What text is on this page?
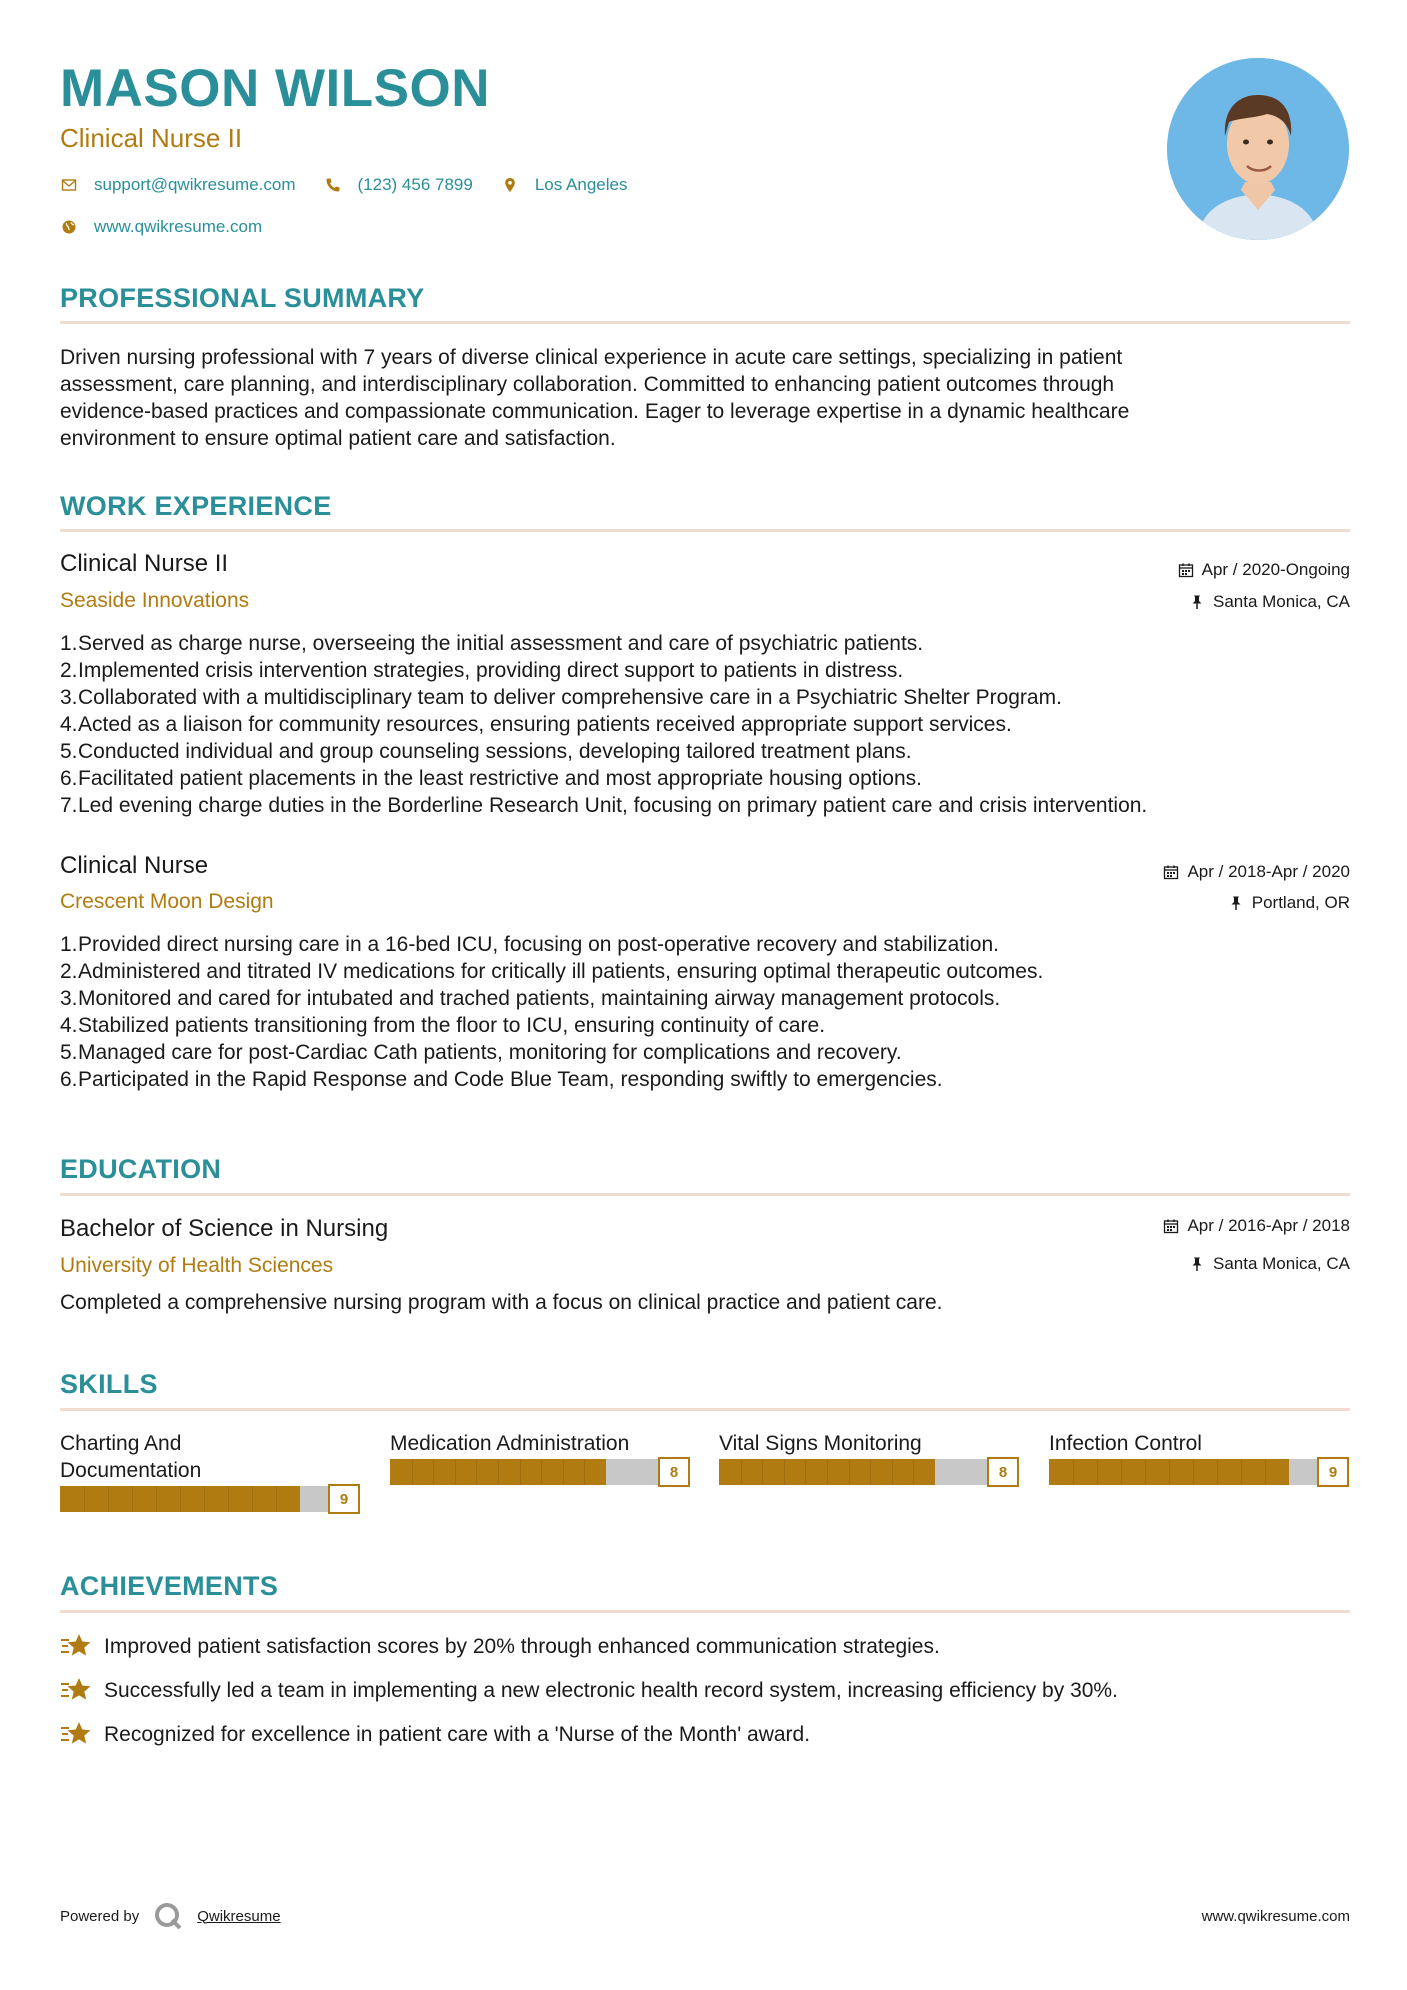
MASON WILSON
Clinical Nurse II
support@qwikresume.com	(123) 456 7899	Los Angeles
www.qwikresume.com
PROFESSIONAL SUMMARY
Driven nursing professional with 7 years of diverse clinical experience in acute care settings, specializing in patient
assessment, care planning, and interdisciplinary collaboration. Committed to enhancing patient outcomes through
evidence-based practices and compassionate communication. Eager to leverage expertise in a dynamic healthcare
environment to ensure optimal patient care and satisfaction.
WORK EXPERIENCE
Clinical Nurse II
Seaside Innovations
Apr / 2020-Ongoing
Santa Monica, CA
1. Served as charge nurse, overseeing the initial assessment and care of psychiatric patients.
2. Implemented crisis intervention strategies, providing direct support to patients in distress.
3. Collaborated with a multidisciplinary team to deliver comprehensive care in a Psychiatric Shelter Program.
4. Acted as a liaison for community resources, ensuring patients received appropriate support services.
5. Conducted individual and group counseling sessions, developing tailored treatment plans.
6. Facilitated patient placements in the least restrictive and most appropriate housing options.
7. Led evening charge duties in the Borderline Research Unit, focusing on primary patient care and crisis intervention.
Clinical Nurse
Crescent Moon Design
Apr / 2018-Apr / 2020
Portland, OR
1. Provided direct nursing care in a 16-bed ICU, focusing on post-operative recovery and stabilization.
2. Administered and titrated IV medications for critically ill patients, ensuring optimal therapeutic outcomes.
3. Monitored and cared for intubated and trached patients, maintaining airway management protocols.
4. Stabilized patients transitioning from the floor to ICU, ensuring continuity of care.
5. Managed care for post-Cardiac Cath patients, monitoring for complications and recovery.
6. Participated in the Rapid Response and Code Blue Team, responding swiftly to emergencies.
EDUCATION
Bachelor of Science in Nursing
University of Health Sciences
Apr / 2016-Apr / 2018
Santa Monica, CA
Completed a comprehensive nursing program with a focus on clinical practice and patient care.
SKILLS
Charting And
Documentation
9
Medication Administration
8
Vital Signs Monitoring
8
Infection Control
9
ACHIEVEMENTS
Improved patient satisfaction scores by 20% through enhanced communication strategies.
Successfully led a team in implementing a new electronic health record system, increasing efficiency by 30%.
Recognized for excellence in patient care with a 'Nurse of the Month' award.
Powered by	Qwikresume	www.qwikresume.com
